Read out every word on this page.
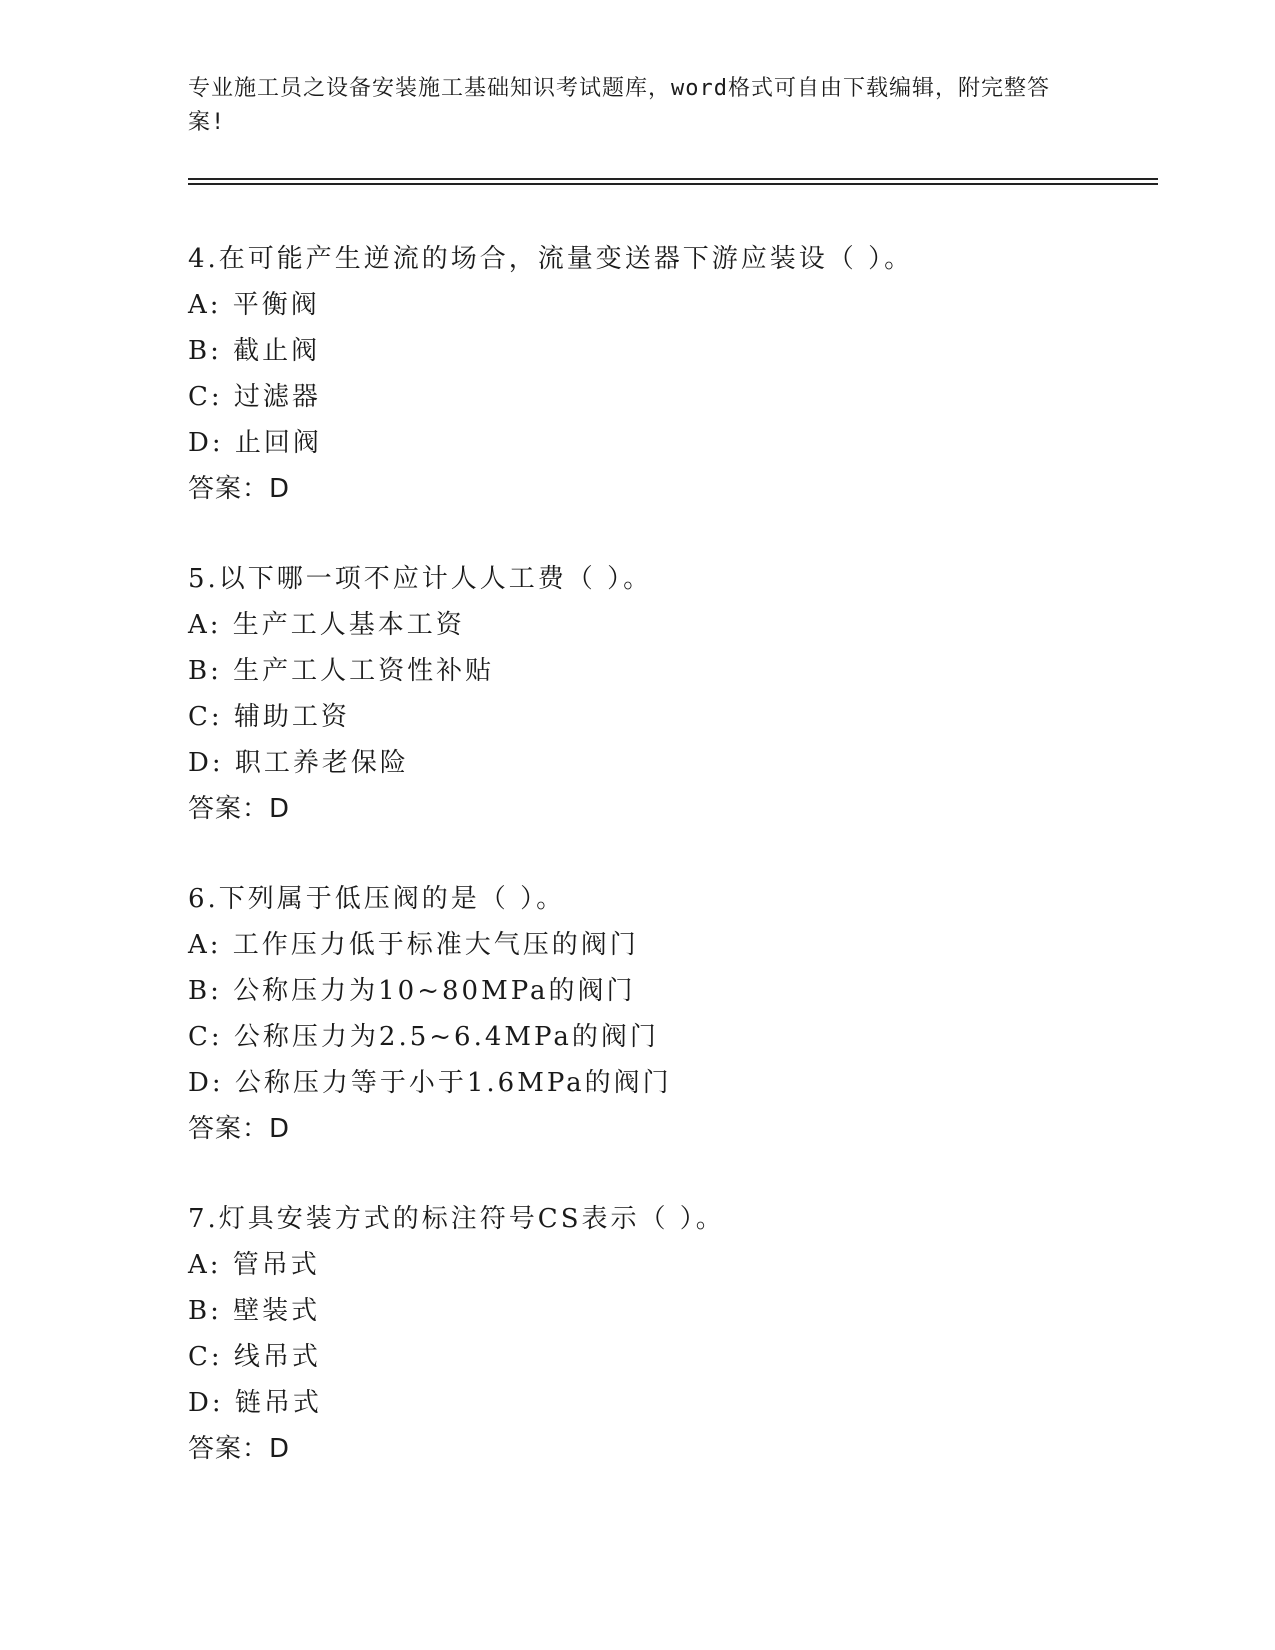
专业施工员之设备安装施工基础知识考试题库，word格式可自由下载编辑，附完整答案!
4.在可能产生逆流的场合，流量变送器下游应装设（ ）。
A: 平衡阀
B: 截止阀
C: 过滤器
D: 止回阀
答案：D
5.以下哪一项不应计人人工费（ ）。
A: 生产工人基本工资
B: 生产工人工资性补贴
C: 辅助工资
D: 职工养老保险
答案：D
6.下列属于低压阀的是（ ）。
A: 工作压力低于标准大气压的阀门
B: 公称压力为10~80MPa的阀门
C: 公称压力为2.5~6.4MPa的阀门
D: 公称压力等于小于1.6MPa的阀门
答案：D
7.灯具安装方式的标注符号CS表示（ ）。
A: 管吊式
B: 壁装式
C: 线吊式
D: 链吊式
答案：D
